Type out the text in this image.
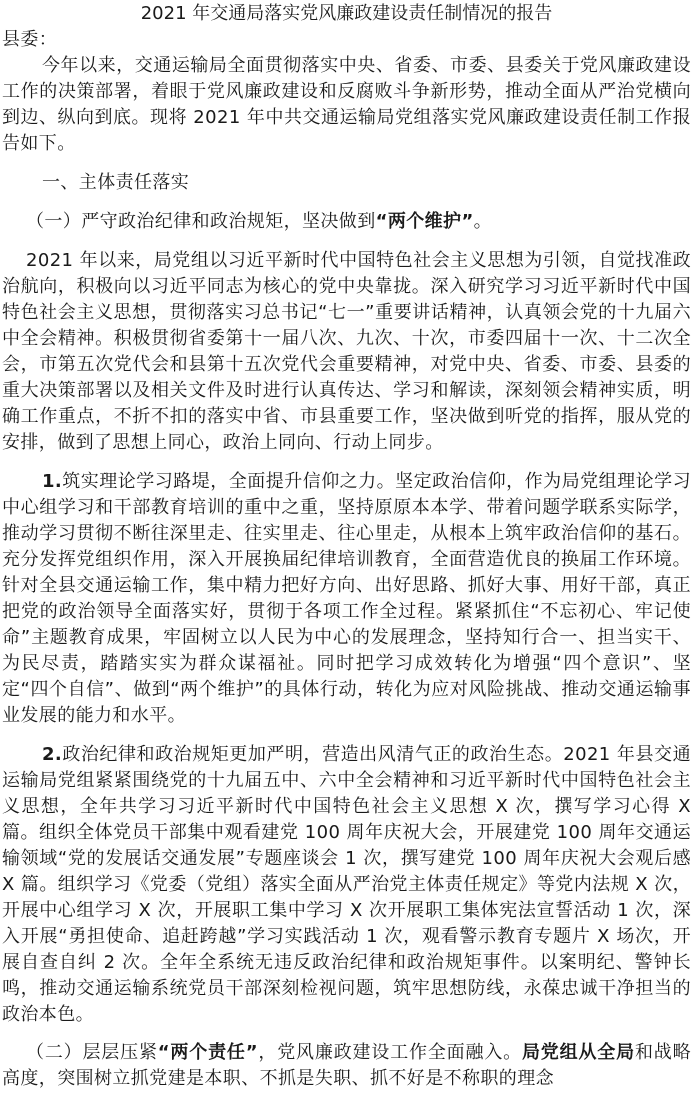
2021 年交通局落实党风廉政建设责任制情况的报告

县委：

今年以来，交通运输局全面贯彻落实中央、省委、市委、县委关于党风廉政建设工作的决策部署，着眼于党风廉政建设和反腐败斗争新形势，推动全面从严治党横向到边、纵向到底。现将 2021 年中共交通运输局党组落实党风廉政建设责任制工作报告如下。

一、主体责任落实

（一）严守政治纪律和政治规矩，坚决做到“两个维护”。

2021 年以来，局党组以习近平新时代中国特色社会主义思想为引领，自觉找准政治航向，积极向以习近平同志为核心的党中央靠拢。深入研究学习习近平新时代中国特色社会主义思想，贯彻落实习总书记“七一”重要讲话精神，认真领会党的十九届六中全会精神。积极贯彻省委第十一届八次、九次、十次，市委四届十一次、十二次全会，市第五次党代会和县第十五次党代会重要精神，对党中央、省委、市委、县委的重大决策部署以及相关文件及时进行认真传达、学习和解读，深刻领会精神实质，明确工作重点，不折不扣的落实中省、市县重要工作，坚决做到听党的指挥，服从党的安排，做到了思想上同心，政治上同向、行动上同步。

1.筑实理论学习路堤，全面提升信仰之力。坚定政治信仰，作为局党组理论学习中心组学习和干部教育培训的重中之重，坚持原原本本学、带着问题学联系实际学，推动学习贯彻不断往深里走、往实里走、往心里走，从根本上筑牢政治信仰的基石。充分发挥党组织作用，深入开展换届纪律培训教育，全面营造优良的换届工作环境。针对全县交通运输工作，集中精力把好方向、出好思路、抓好大事、用好干部，真正把党的政治领导全面落实好，贯彻于各项工作全过程。紧紧抓住“不忘初心、牢记使命”主题教育成果，牢固树立以人民为中心的发展理念，坚持知行合一、担当实干、为民尽责，踏踏实实为群众谋福祉。同时把学习成效转化为增强“四个意识”、坚定“四个自信”、做到“两个维护”的具体行动，转化为应对风险挑战、推动交通运输事业发展的能力和水平。

2.政治纪律和政治规矩更加严明，营造出风清气正的政治生态。2021 年县交通运输局党组紧紧围绕党的十九届五中、六中全会精神和习近平新时代中国特色社会主义思想，全年共学习习近平新时代中国特色社会主义思想 X 次，撰写学习心得 X 篇。组织全体党员干部集中观看建党 100 周年庆祝大会，开展建党 100 周年交通运输领域“党的发展话交通发展”专题座谈会 1 次，撰写建党 100 周年庆祝大会观后感 X 篇。组织学习《党委（党组）落实全面从严治党主体责任规定》等党内法规 X 次，开展中心组学习 X 次，开展职工集中学习 X 次开展职工集体宪法宣誓活动 1 次，深入开展“勇担使命、追赶跨越”学习实践活动 1 次，观看警示教育专题片 X 场次，开展自查自纠 2 次。全年全系统无违反政治纪律和政治规矩事件。以案明纪、警钟长鸣，推动交通运输系统党员干部深刻检视问题，筑牢思想防线，永葆忠诚干净担当的政治本色。

（二）层层压紧“两个责任”，党风廉政建设工作全面融入。局党组从全局和战略高度，突围树立抓党建是本职、不抓是失职、抓不好是不称职的理念
